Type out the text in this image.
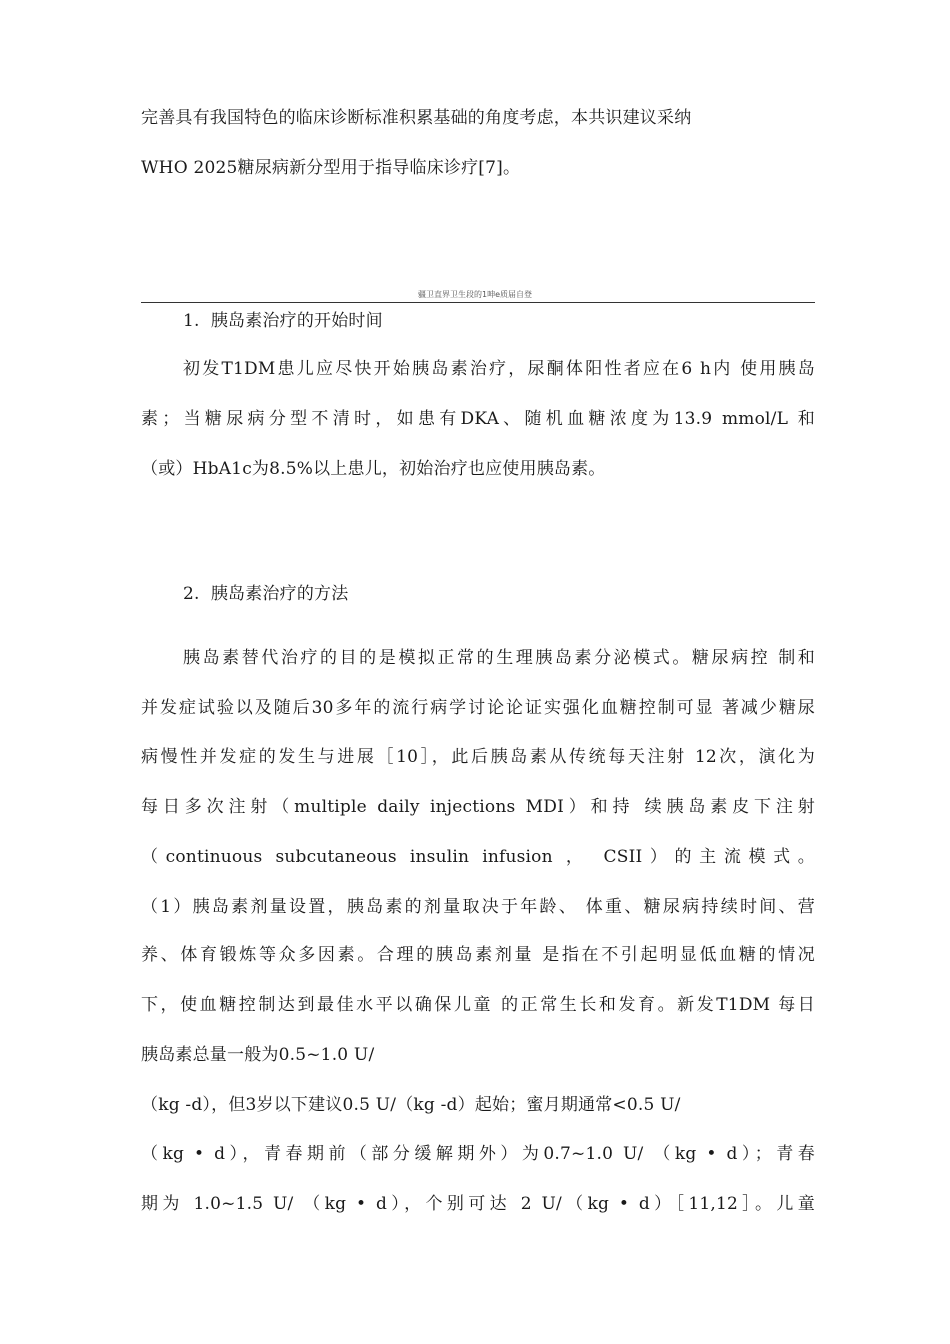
完善具有我国特色的临床诊断标准积累基础的角度考虑，本共识建议采纳
WHO 2025糖尿病新分型用于指导临床诊疗[7]。
疆卫直界卫生段的1呻e质届自登
1.  胰岛素治疗的开始时间
初发T1DM患儿应尽快开始胰岛素治疗，尿酮体阳性者应在6 h内 使用胰岛
素；当糖尿病分型不清时，如患有DKA、随机血糖浓度为13.9 mmol/L 和
（或）HbA1c为8.5%以上患儿，初始治疗也应使用胰岛素。
2.  胰岛素治疗的方法
胰岛素替代治疗的目的是模拟正常的生理胰岛素分泌模式。糖尿病控 制和
并发症试验以及随后30多年的流行病学讨论论证实强化血糖控制可显 著减少糖尿
病慢性并发症的发生与进展［10］，此后胰岛素从传统每天注射 12次，演化为
每日多次注射（multiple daily injections MDI）和持 续胰岛素皮下注射
（continuous subcutaneous insulin infusion ， CSII）的主流模式。
（1）胰岛素剂量设置，胰岛素的剂量取决于年龄、 体重、糖尿病持续时间、营
养、体育锻炼等众多因素。合理的胰岛素剂量 是指在不引起明显低血糖的情况
下，使血糖控制达到最佳水平以确保儿童 的正常生长和发育。新发T1DM 每日
胰岛素总量一般为0.5~1.0 U/
（kg -d），但3岁以下建议0.5 U/（kg -d）起始；蜜月期通常<0.5 U/
（kg • d），青春期前（部分缓解期外）为0.7~1.0 U/ （kg • d）；青春
期为 1.0~1.5 U/ （kg • d），个别可达 2 U/（kg • d）［11,12］。儿童
